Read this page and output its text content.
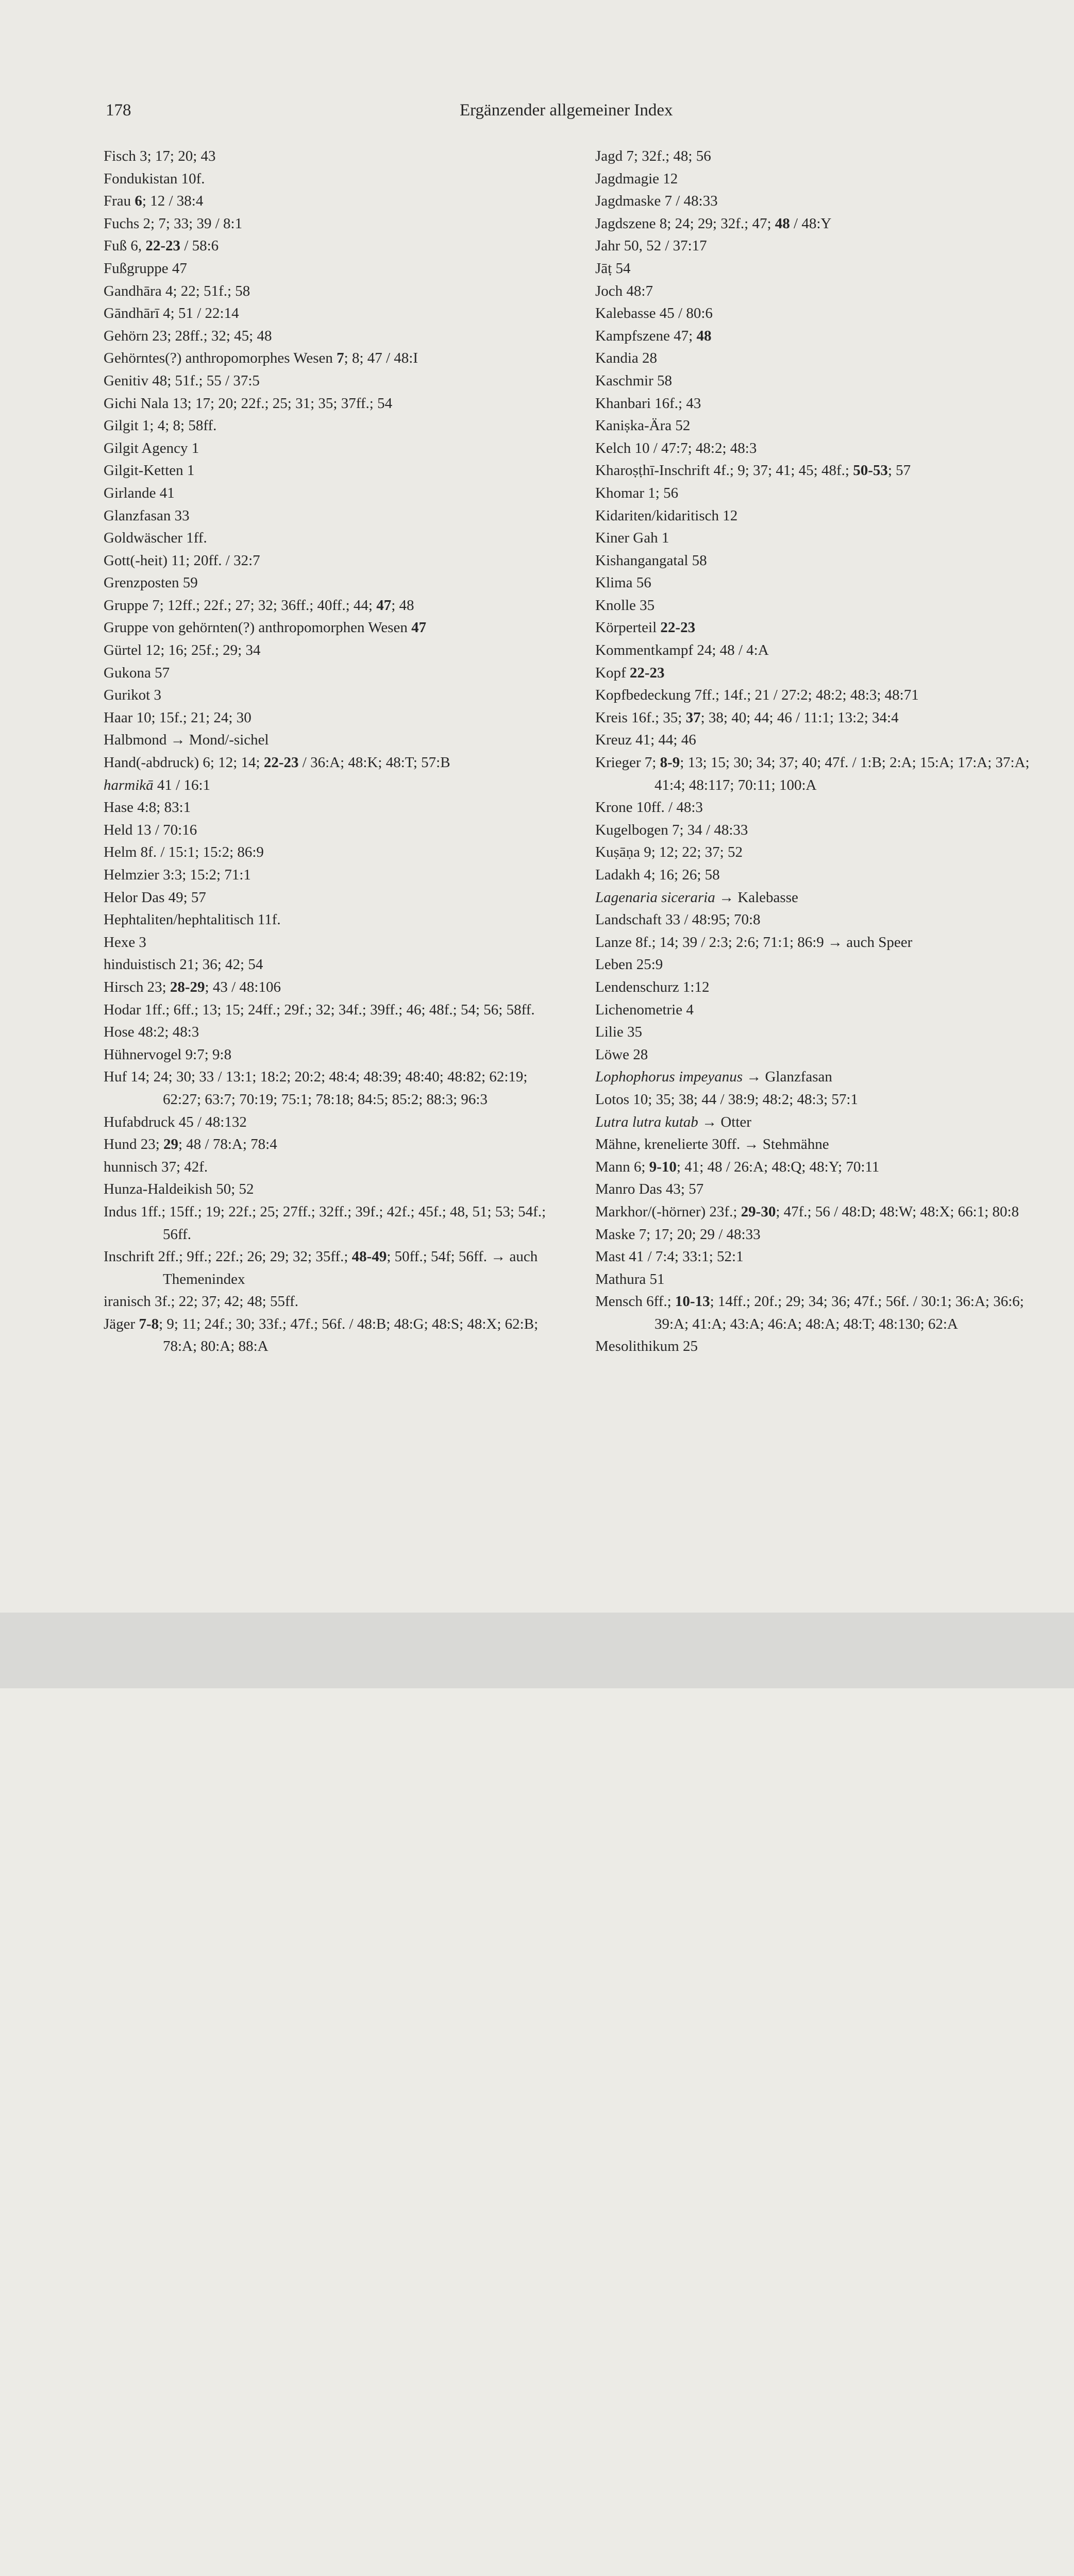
178	Ergänzender allgemeiner Index

Fisch 3; 17; 20; 43

Fondukistan 10f.

Frau 6; 12 / 38:4

Fuchs 2; 7; 33; 39 / 8:1

Fuß 6, 22-23 / 58:6

Fußgruppe 47

Gandhāra 4; 22; 51f.; 58

Gāndhārī 4; 51 / 22:14

Gehörn 23; 28ff.; 32; 45; 48

Gehörntes(?) anthropomorphes Wesen 7; 8; 47 / 48:I

Genitiv 48; 51f.; 55 / 37:5

Gichi Nala 13; 17; 20; 22f.; 25; 31; 35; 37ff.; 54

Gilgit 1; 4; 8; 58ff.

Gilgit Agency 1

Gilgit-Ketten 1

Girlande 41

Glanzfasan 33

Goldwäscher 1ff.

Gott(-heit) 11; 20ff. / 32:7

Grenzposten 59

Gruppe 7; 12ff.; 22f.; 27; 32; 36ff.; 40ff.; 44; 47; 48

Gruppe von gehörnten(?) anthropomorphen Wesen 47

Gürtel 12; 16; 25f.; 29; 34

Gukona 57

Gurikot 3

Haar 10; 15f.; 21; 24; 30

Halbmond → Mond/-sichel

Hand(-abdruck) 6; 12; 14; 22-23 / 36:A; 48:K; 48:T; 57:B

harmikā 41 / 16:1

Hase 4:8; 83:1

Held 13 / 70:16

Helm 8f. / 15:1; 15:2; 86:9

Helmzier 3:3; 15:2; 71:1

Helor Das 49; 57

Hephtaliten/hephtalitisch 11f.

Hexe 3

hinduistisch 21; 36; 42; 54

Hirsch 23; 28-29; 43 / 48:106

Hodar 1ff.; 6ff.; 13; 15; 24ff.; 29f.; 32; 34f.; 39ff.; 46; 48f.; 54; 56; 58ff.

Hose 48:2; 48:3

Hühnervogel 9:7; 9:8

Huf 14; 24; 30; 33 / 13:1; 18:2; 20:2; 48:4; 48:39; 48:40; 48:82; 62:19; 62:27; 63:7; 70:19; 75:1; 78:18; 84:5; 85:2; 88:3; 96:3

Hufabdruck 45 / 48:132

Hund 23; 29; 48 / 78:A; 78:4

hunnisch 37; 42f.

Hunza-Haldeikish 50; 52

Indus 1ff.; 15ff.; 19; 22f.; 25; 27ff.; 32ff.; 39f.; 42f.; 45f.; 48, 51; 53; 54f.; 56ff.

Inschrift 2ff.; 9ff.; 22f.; 26; 29; 32; 35ff.; 48-49; 50ff.; 54f; 56ff. → auch Themenindex

iranisch 3f.; 22; 37; 42; 48; 55ff.

Jäger 7-8; 9; 11; 24f.; 30; 33f.; 47f.; 56f. / 48:B; 48:G; 48:S; 48:X; 62:B; 78:A; 80:A; 88:A

Jagd 7; 32f.; 48; 56

Jagdmagie 12

Jagdmaske 7 / 48:33

Jagdszene 8; 24; 29; 32f.; 47; 48 / 48:Y

Jahr 50, 52 / 37:17

Jāṭ 54

Joch 48:7

Kalebasse 45 / 80:6

Kampfszene 47; 48

Kandia 28

Kaschmir 58

Khanbari 16f.; 43

Kaniṣka-Ära 52

Kelch 10 / 47:7; 48:2; 48:3

Kharoṣṭhī-Inschrift 4f.; 9; 37; 41; 45; 48f.; 50-53; 57

Khomar 1; 56

Kidariten/kidaritisch 12

Kiner Gah 1

Kishangangatal 58

Klima 56

Knolle 35

Körperteil 22-23

Kommentkampf 24; 48 / 4:A

Kopf 22-23

Kopfbedeckung 7ff.; 14f.; 21 / 27:2; 48:2; 48:3; 48:71

Kreis 16f.; 35; 37; 38; 40; 44; 46 / 11:1; 13:2; 34:4

Kreuz 41; 44; 46

Krieger 7; 8-9; 13; 15; 30; 34; 37; 40; 47f. / 1:B; 2:A; 15:A; 17:A; 37:A; 41:4; 48:117; 70:11; 100:A

Krone 10ff. / 48:3

Kugelbogen 7; 34 / 48:33

Kuṣāṇa 9; 12; 22; 37; 52

Ladakh 4; 16; 26; 58

Lagenaria siceraria → Kalebasse

Landschaft 33 / 48:95; 70:8

Lanze 8f.; 14; 39 / 2:3; 2:6; 71:1; 86:9 → auch Speer

Leben 25:9

Lendenschurz 1:12

Lichenometrie 4

Lilie 35

Löwe 28

Lophophorus impeyanus → Glanzfasan

Lotos 10; 35; 38; 44 / 38:9; 48:2; 48:3; 57:1

Lutra lutra kutab → Otter

Mähne, krenelierte 30ff. → Stehmähne

Mann 6; 9-10; 41; 48 / 26:A; 48:Q; 48:Y; 70:11

Manro Das 43; 57

Markhor/(-hörner) 23f.; 29-30; 47f.; 56 / 48:D; 48:W; 48:X; 66:1; 80:8

Maske 7; 17; 20; 29 / 48:33

Mast 41 / 7:4; 33:1; 52:1

Mathura 51

Mensch 6ff.; 10-13; 14ff.; 20f.; 29; 34; 36; 47f.; 56f. / 30:1; 36:A; 36:6; 39:A; 41:A; 43:A; 46:A; 48:A; 48:T; 48:130; 62:A

Mesolithikum 25
